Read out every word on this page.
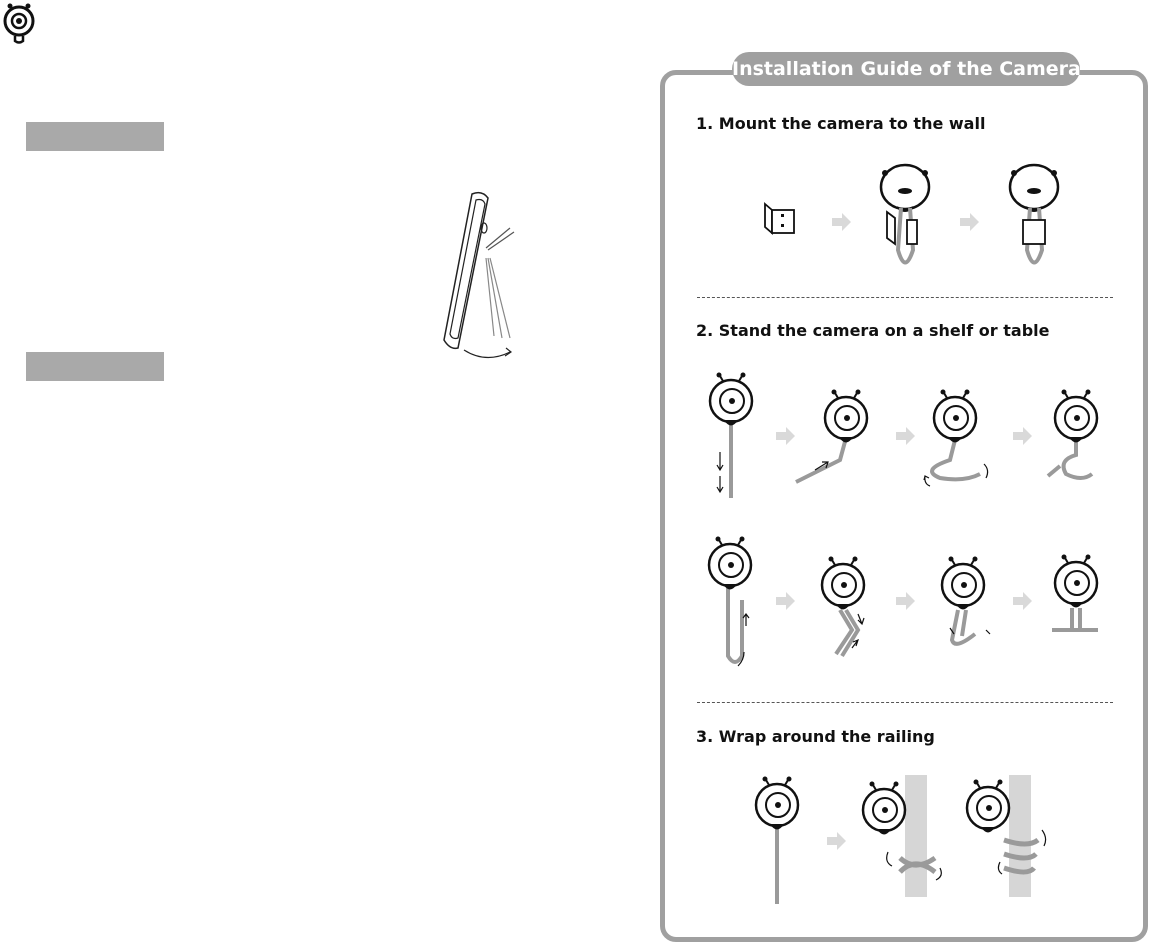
Installation Guide of the Camera
1. Mount the camera to the wall
2. Stand the camera on a shelf or table
3. Wrap around the railing
